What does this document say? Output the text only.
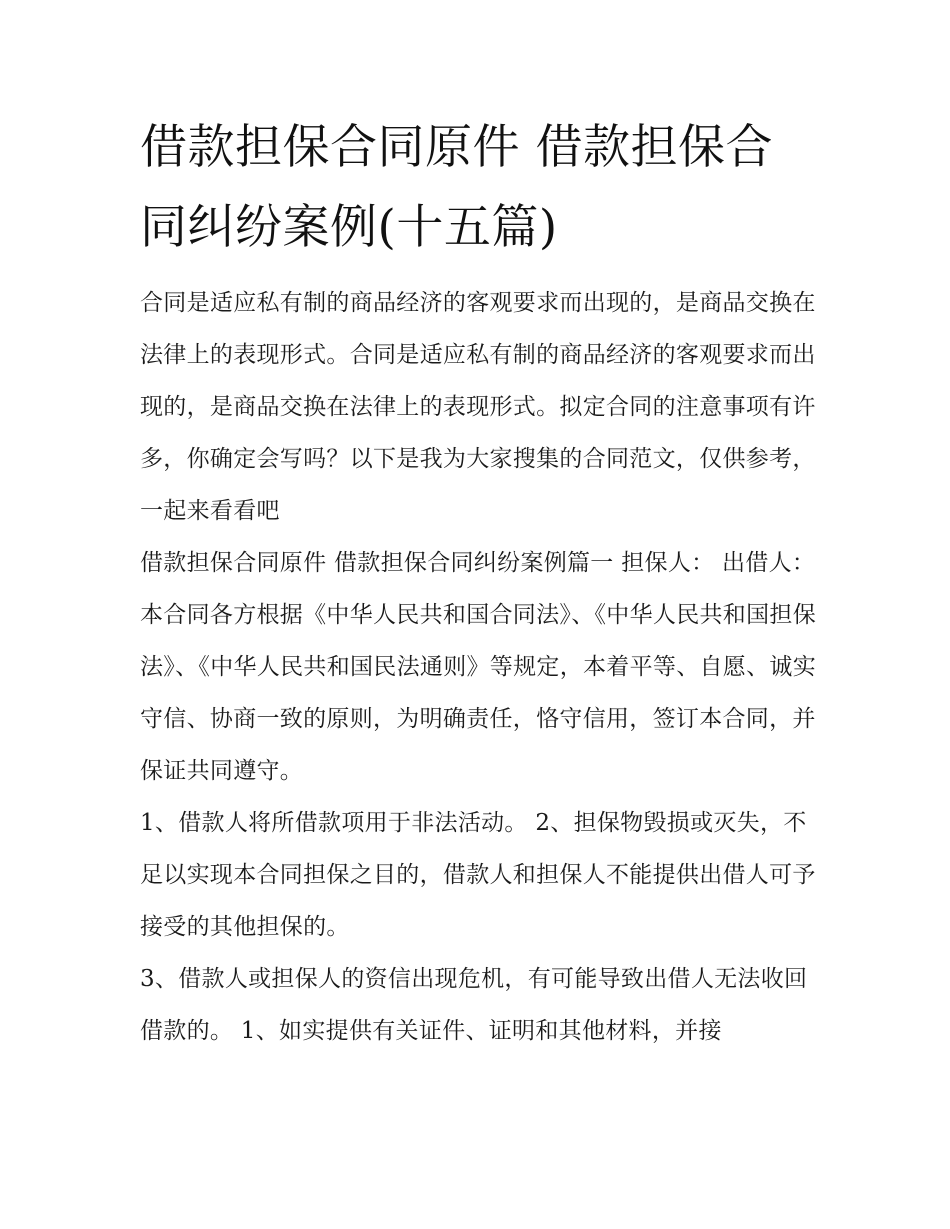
借款担保合同原件 借款担保合同纠纷案例(十五篇)

合同是适应私有制的商品经济的客观要求而出现的，是商品交换在法律上的表现形式。合同是适应私有制的商品经济的客观要求而出现的，是商品交换在法律上的表现形式。拟定合同的注意事项有许多，你确定会写吗？以下是我为大家搜集的合同范文，仅供参考，一起来看看吧

借款担保合同原件 借款担保合同纠纷案例篇一 担保人： 出借人：

本合同各方根据《中华人民共和国合同法》、《中华人民共和国担保法》、《中华人民共和国民法通则》等规定，本着平等、自愿、诚实守信、协商一致的原则，为明确责任，恪守信用，签订本合同，并保证共同遵守。

1、借款人将所借款项用于非法活动。 2、担保物毁损或灭失，不足以实现本合同担保之目的，借款人和担保人不能提供出借人可予接受的其他担保的。

3、借款人或担保人的资信出现危机，有可能导致出借人无法收回借款的。 1、如实提供有关证件、证明和其他材料，并接
